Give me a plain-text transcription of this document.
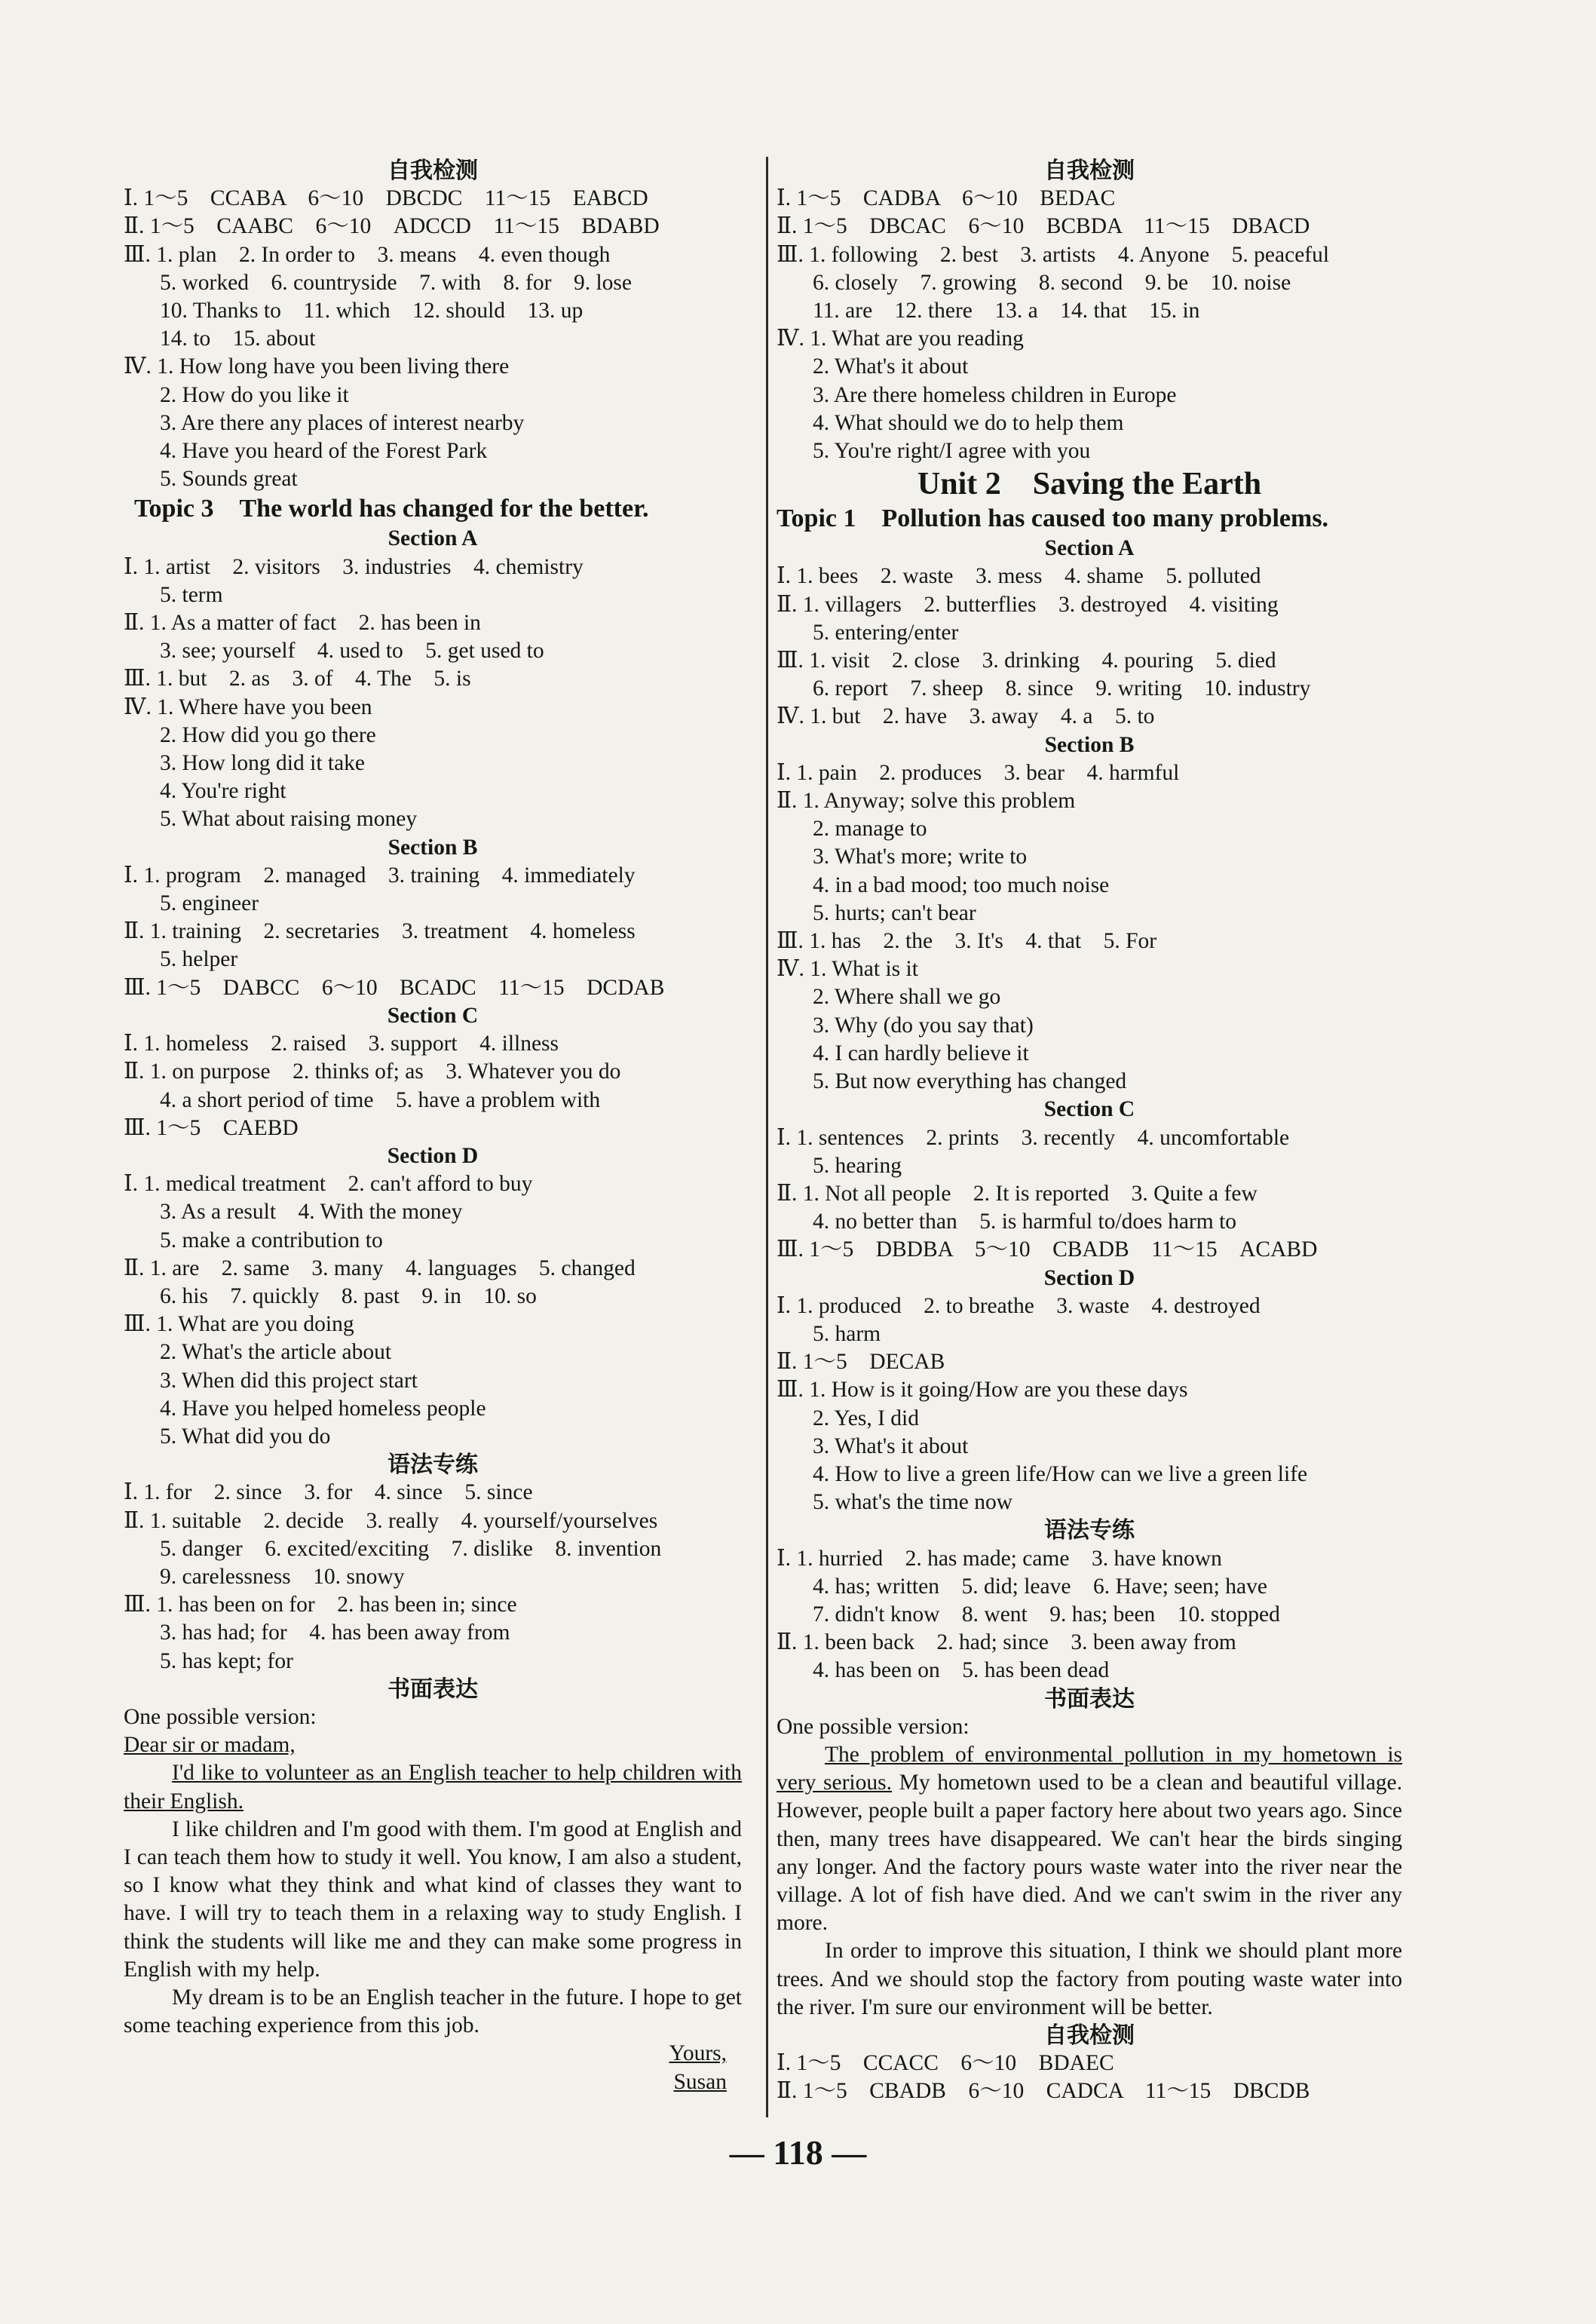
自我检测
Ⅰ. 1～5　CCABA　6～10　DBCDC　11～15　EABCD
Ⅱ. 1～5　CAABC　6～10　ADCCD　11～15　BDABD
Ⅲ. 1. plan　2. In order to　3. means　4. even though
5. worked　6. countryside　7. with　8. for　9. lose
10. Thanks to　11. which　12. should　13. up
14. to　15. about
Ⅳ. 1. How long have you been living there
2. How do you like it
3. Are there any places of interest nearby
4. Have you heard of the Forest Park
5. Sounds great
Topic 3　The world has changed for the better.
Section A
Ⅰ. 1. artist　2. visitors　3. industries　4. chemistry
5. term
Ⅱ. 1. As a matter of fact　2. has been in
3. see; yourself　4. used to　5. get used to
Ⅲ. 1. but　2. as　3. of　4. The　5. is
Ⅳ. 1. Where have you been
2. How did you go there
3. How long did it take
4. You're right
5. What about raising money
Section B
Ⅰ. 1. program　2. managed　3. training　4. immediately
5. engineer
Ⅱ. 1. training　2. secretaries　3. treatment　4. homeless
5. helper
Ⅲ. 1～5　DABCC　6～10　BCADC　11～15　DCDAB
Section C
Ⅰ. 1. homeless　2. raised　3. support　4. illness
Ⅱ. 1. on purpose　2. thinks of; as　3. Whatever you do
4. a short period of time　5. have a problem with
Ⅲ. 1～5　CAEBD
Section D
Ⅰ. 1. medical treatment　2. can't afford to buy
3. As a result　4. With the money
5. make a contribution to
Ⅱ. 1. are　2. same　3. many　4. languages　5. changed
6. his　7. quickly　8. past　9. in　10. so
Ⅲ. 1. What are you doing
2. What's the article about
3. When did this project start
4. Have you helped homeless people
5. What did you do
语法专练
Ⅰ. 1. for　2. since　3. for　4. since　5. since
Ⅱ. 1. suitable　2. decide　3. really　4. yourself/yourselves
5. danger　6. excited/exciting　7. dislike　8. invention
9. carelessness　10. snowy
Ⅲ. 1. has been on for　2. has been in; since
3. has had; for　4. has been away from
5. has kept; for
书面表达
One possible version:
Dear sir or madam,
I'd like to volunteer as an English teacher to help children with their English.
I like children and I'm good with them. I'm good at English and I can teach them how to study it well. You know, I am also a student, so I know what they think and what kind of classes they want to have. I will try to teach them in a relaxing way to study English. I think the students will like me and they can make some progress in English with my help.
My dream is to be an English teacher in the future. I hope to get some teaching experience from this job.
Yours,
Susan
自我检测
Ⅰ. 1～5　CADBA　6～10　BEDAC
Ⅱ. 1～5　DBCAC　6～10　BCBDA　11～15　DBACD
Ⅲ. 1. following　2. best　3. artists　4. Anyone　5. peaceful
6. closely　7. growing　8. second　9. be　10. noise
11. are　12. there　13. a　14. that　15. in
Ⅳ. 1. What are you reading
2. What's it about
3. Are there homeless children in Europe
4. What should we do to help them
5. You're right/I agree with you
Unit 2　Saving the Earth
Topic 1　Pollution has caused too many problems.
Section A
Ⅰ. 1. bees　2. waste　3. mess　4. shame　5. polluted
Ⅱ. 1. villagers　2. butterflies　3. destroyed　4. visiting
5. entering/enter
Ⅲ. 1. visit　2. close　3. drinking　4. pouring　5. died
6. report　7. sheep　8. since　9. writing　10. industry
Ⅳ. 1. but　2. have　3. away　4. a　5. to
Section B
Ⅰ. 1. pain　2. produces　3. bear　4. harmful
Ⅱ. 1. Anyway; solve this problem
2. manage to
3. What's more; write to
4. in a bad mood; too much noise
5. hurts; can't bear
Ⅲ. 1. has　2. the　3. It's　4. that　5. For
Ⅳ. 1. What is it
2. Where shall we go
3. Why (do you say that)
4. I can hardly believe it
5. But now everything has changed
Section C
Ⅰ. 1. sentences　2. prints　3. recently　4. uncomfortable
5. hearing
Ⅱ. 1. Not all people　2. It is reported　3. Quite a few
4. no better than　5. is harmful to/does harm to
Ⅲ. 1～5　DBDBA　5～10　CBADB　11～15　ACABD
Section D
Ⅰ. 1. produced　2. to breathe　3. waste　4. destroyed
5. harm
Ⅱ. 1～5　DECAB
Ⅲ. 1. How is it going/How are you these days
2. Yes, I did
3. What's it about
4. How to live a green life/How can we live a green life
5. what's the time now
语法专练
Ⅰ. 1. hurried　2. has made; came　3. have known
4. has; written　5. did; leave　6. Have; seen; have
7. didn't know　8. went　9. has; been　10. stopped
Ⅱ. 1. been back　2. had; since　3. been away from
4. has been on　5. has been dead
书面表达
One possible version:
The problem of environmental pollution in my hometown is very serious. My hometown used to be a clean and beautiful village. However, people built a paper factory here about two years ago. Since then, many trees have disappeared. We can't hear the birds singing any longer. And the factory pours waste water into the river near the village. A lot of fish have died. And we can't swim in the river any more.
In order to improve this situation, I think we should plant more trees. And we should stop the factory from pouting waste water into the river. I'm sure our environment will be better.
自我检测
Ⅰ. 1～5　CCACC　6～10　BDAEC
Ⅱ. 1～5　CBADB　6～10　CADCA　11～15　DBCDB
— 118 —
